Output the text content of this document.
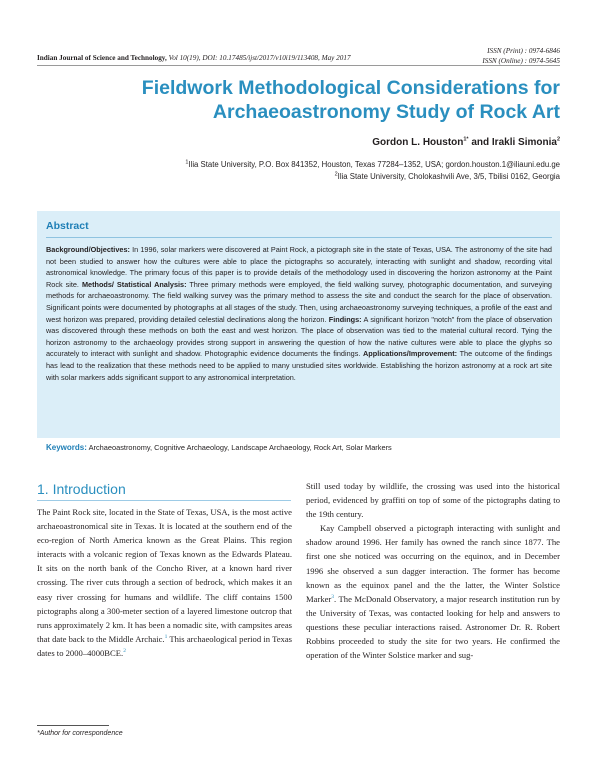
Indian Journal of Science and Technology, Vol 10(19), DOI: 10.17485/ijst/2017/v10i19/113408, May 2017
ISSN (Print) : 0974-6846
ISSN (Online) : 0974-5645
Fieldwork Methodological Considerations for
Archaeoastronomy Study of Rock Art
Gordon L. Houston$^{1*}$ and Irakli Simonia$^2$
$^1$Ilia State University, P.O. Box 841352, Houston, Texas 77284–1352, USA; gordon.houston.1@iliauni.edu.ge
$^2$Ilia State University, Cholokashvili Ave, 3/5, Tbilisi 0162, Georgia
Abstract
Background/Objectives: In 1996, solar markers were discovered at Paint Rock, a pictograph site in the state of Texas, USA. The astronomy of the site had not been studied to answer how the cultures were able to place the pictographs so accurately, interacting with sunlight and shadow, recording vital astronomical knowledge. The primary focus of this paper is to provide details of the methodology used in discovering the horizon astronomy at the Paint Rock site. Methods/ Statistical Analysis: Three primary methods were employed, the field walking survey, photographic documentation, and surveying methods for archaeoastronomy. The field walking survey was the primary method to assess the site and conduct the search for the place of observation. Significant points were documented by photographs at all stages of the study. Then, using archaeoastronomy surveying techniques, a profile of the east and west horizon was prepared, providing detailed celestial declinations along the horizon. Findings: A significant horizon "notch" from the place of observation was discovered through these methods on both the east and west horizon. The place of observation was tied to the material cultural record. Tying the horizon astronomy to the archaeology provides strong support in answering the question of how the native cultures were able to place the glyphs so accurately to interact with sunlight and shadow. Photographic evidence documents the findings. Applications/Improvement: The outcome of the findings has lead to the realization that these methods need to be applied to many unstudied sites worldwide. Establishing the horizon astronomy at a rock art site with solar markers adds significant support to any astronomical interpretation.
Keywords: Archaeoastronomy, Cognitive Archaeology, Landscape Archaeology, Rock Art, Solar Markers
1. Introduction

The Paint Rock site, located in the State of Texas, USA, is the most active archaeoastronomical site in Texas. It is located at the southern end of the eco-region of North America known as the Great Plains. This region interacts with a volcanic region of Texas known as the Edwards Plateau. It sits on the north bank of the Concho River, at a known hard river crossing. The river cuts through a section of bedrock, which makes it an easy river crossing for humans and wildlife. The cliff contains 1500 pictographs along a 300-meter section of a layered limestone outcrop that runs approximately 2 km. It has been a nomadic site, with campsites areas that date back to the Middle Archaic.$^1$ This archaeological period in Texas dates to 2000–4000BCE.$^2$

Still used today by wildlife, the crossing was used into the historical period, evidenced by graffiti on top of some of the pictographs dating to the 19th century.

Kay Campbell observed a pictograph interacting with sunlight and shadow around 1996. Her family has owned the ranch since 1877. The first one she noticed was occurring on the equinox, and in December 1996 she observed a sun dagger interaction. The former has become known as the equinox panel and the the latter, the Winter Solstice Marker$^3$. The McDonald Observatory, a major research institution run by the University of Texas, was contacted looking for help and answers to questions these peculiar interactions raised. Astronomer Dr. R. Robert Robbins proceeded to study the site for two years. He confirmed the operation of the Winter Solstice marker and sug-

*Author for correspondence
